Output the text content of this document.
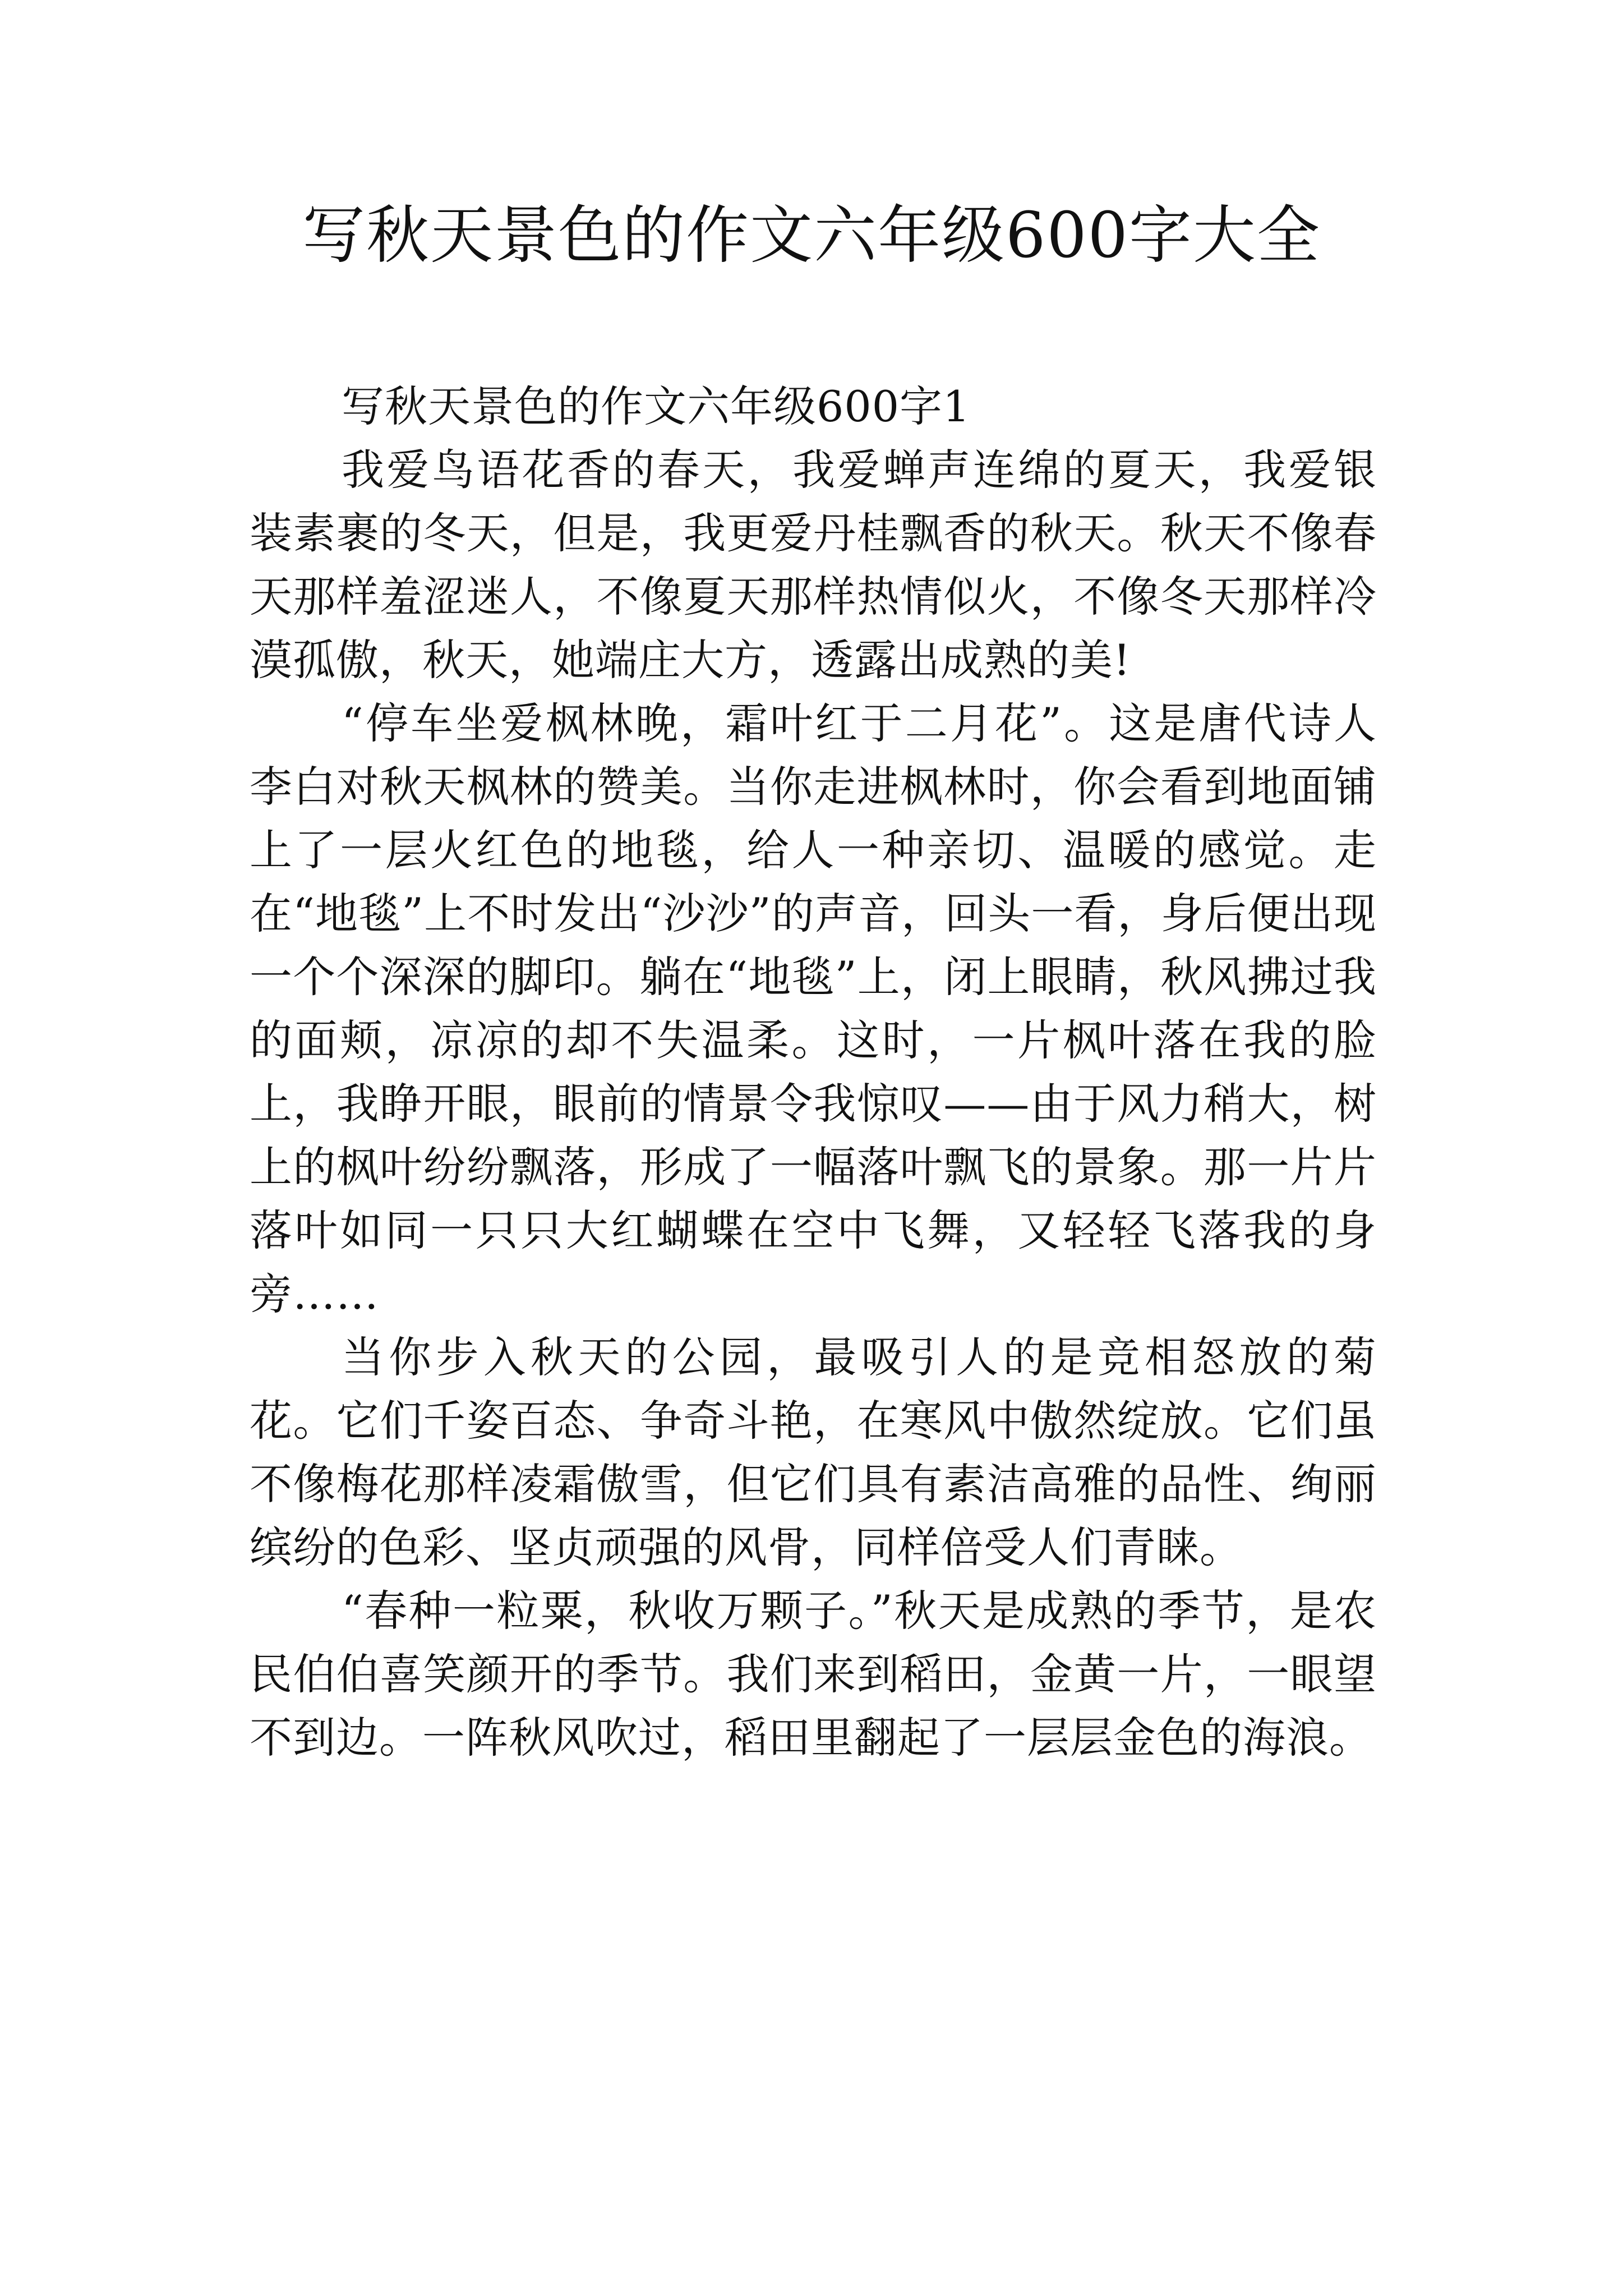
写秋天景色的作文六年级600字大全

写秋天景色的作文六年级600字1

我爱鸟语花香的春天，我爱蝉声连绵的夏天，我爱银装素裹的冬天，但是，我更爱丹桂飘香的秋天。秋天不像春天那样羞涩迷人，不像夏天那样热情似火，不像冬天那样冷漠孤傲，秋天，她端庄大方，透露出成熟的美!

“停车坐爱枫林晚，霜叶红于二月花”。这是唐代诗人李白对秋天枫林的赞美。当你走进枫林时，你会看到地面铺上了一层火红色的地毯，给人一种亲切、温暖的感觉。走在“地毯”上不时发出“沙沙”的声音，回头一看，身后便出现一个个深深的脚印。躺在“地毯”上，闭上眼睛，秋风拂过我的面颊，凉凉的却不失温柔。这时，一片枫叶落在我的脸上，我睁开眼，眼前的情景令我惊叹——由于风力稍大，树上的枫叶纷纷飘落，形成了一幅落叶飘飞的景象。那一片片落叶如同一只只大红蝴蝶在空中飞舞，又轻轻飞落我的身旁……

当你步入秋天的公园，最吸引人的是竞相怒放的菊花。它们千姿百态、争奇斗艳，在寒风中傲然绽放。它们虽不像梅花那样凌霜傲雪，但它们具有素洁高雅的品性、绚丽缤纷的色彩、坚贞顽强的风骨，同样倍受人们青睐。

“春种一粒粟，秋收万颗子。”秋天是成熟的季节，是农民伯伯喜笑颜开的季节。我们来到稻田，金黄一片，一眼望不到边。一阵秋风吹过，稻田里翻起了一层层金色的海浪。
